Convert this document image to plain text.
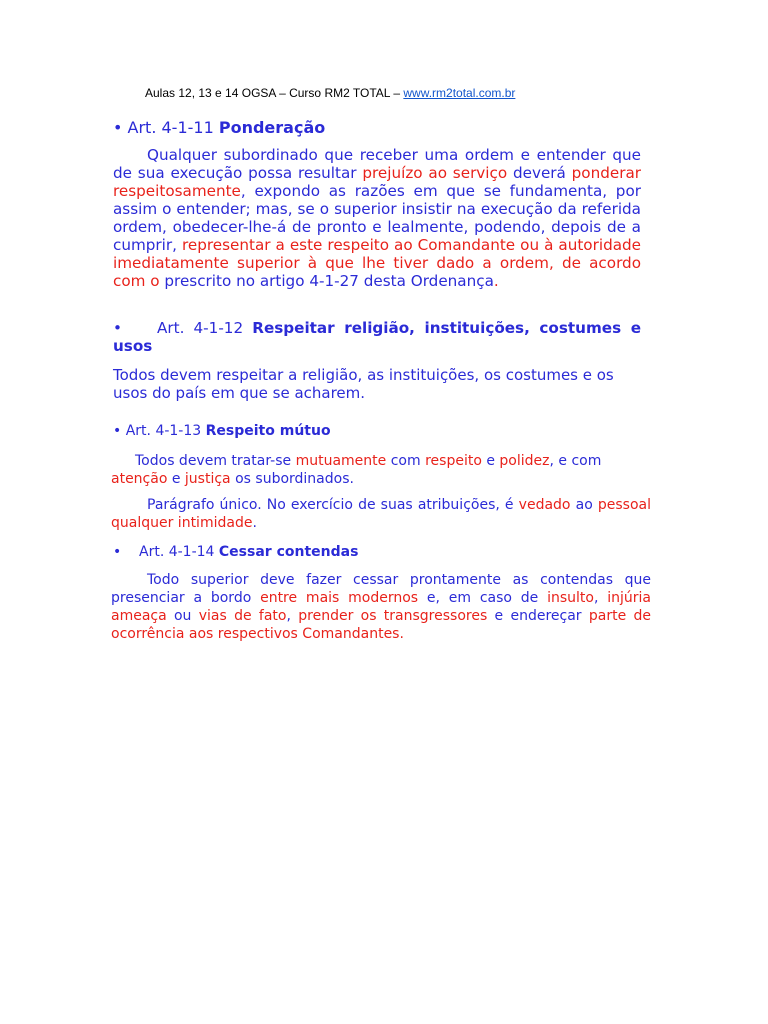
Aulas 12, 13 e 14 OGSA – Curso RM2 TOTAL – www.rm2total.com.br
• Art. 4-1-11 Ponderação
Qualquer subordinado que receber uma ordem e entender que de sua execução possa resultar prejuízo ao serviço deverá ponderar respeitosamente, expondo as razões em que se fundamenta, por assim o entender; mas, se o superior insistir na execução da referida ordem, obedecer-lhe-á de pronto e lealmente, podendo, depois de a cumprir, representar a este respeito ao Comandante ou à autoridade imediatamente superior à que lhe tiver dado a ordem, de acordo com o prescrito no artigo 4-1-27 desta Ordenança.
• Art. 4-1-12 Respeitar religião, instituições, costumes e usos
Todos devem respeitar a religião, as instituições, os costumes e os usos do país em que se acharem.
• Art. 4-1-13 Respeito mútuo
Todos devem tratar-se mutuamente com respeito e polidez, e com atenção e justiça os subordinados.
Parágrafo único. No exercício de suas atribuições, é vedado ao pessoal qualquer intimidade.
• Art. 4-1-14 Cessar contendas
Todo superior deve fazer cessar prontamente as contendas que presenciar a bordo entre mais modernos e, em caso de insulto, injúria ameaça ou vias de fato, prender os transgressores e endereçar parte de ocorrência aos respectivos Comandantes.
